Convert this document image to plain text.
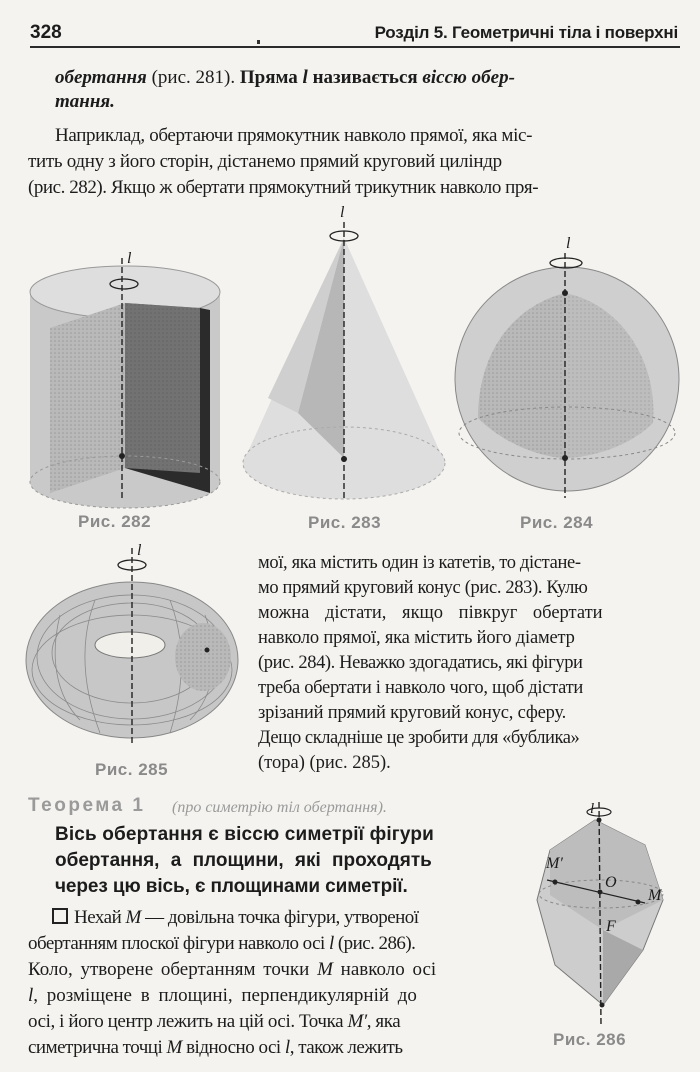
328	Розділ 5. Геометричні тіла і поверхні
обертання (рис. 281). Пряма l називається віссю обер-
тання.
Наприклад, обертаючи прямокутник навколо прямої, яка міс-
тить одну з його сторін, дістанемо прямий круговий циліндр
(рис. 282). Якщо ж обертати прямокутний трикутник навколо пря-
l
Рис. 282
l
Рис. 283
l
Рис. 284
l
Рис. 285
мої, яка містить один із катетів, то дістане-
мо прямий круговий конус (рис. 283). Кулю
можна дістати, якщо півкруг обертати
навколо прямої, яка містить його діаметр
(рис. 284). Неважко здогадатись, які фігури
треба обертати і навколо чого, щоб дістати
зрізаний прямий круговий конус, сферу.
Дещо складніше це зробити для «бублика»
(тора) (рис. 285).
Теорема 1 (про симетрію тіл обертання).
Вісь обертання є віссю симетрії фігури
обертання, а площини, які проходять
через цю вісь, є площинами симетрії.
Нехай M — довільна точка фігури, утвореної
обертанням плоскої фігури навколо осі l (рис. 286).
Коло, утворене обертанням точки M навколо осі
l, розміщене в площині, перпендикулярній до
осі, і його центр лежить на цій осі. Точка M′, яка
симетрична точці M відносно осі l, також лежить
l
M′
O
M
F
Рис. 286
